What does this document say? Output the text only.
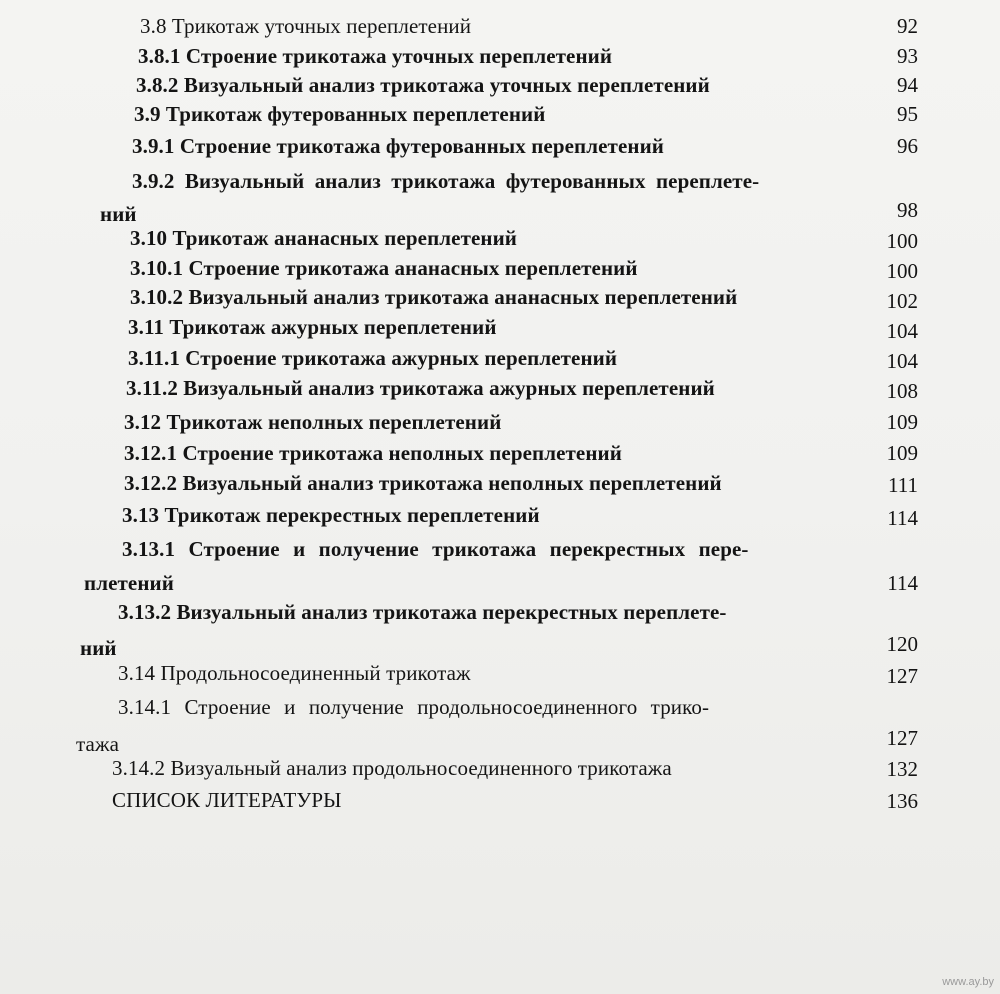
3.8 Трикотаж уточных переплетений	92
3.8.1 Строение трикотажа уточных переплетений	93
3.8.2 Визуальный анализ трикотажа уточных переплетений	94
3.9 Трикотаж футерованных переплетений	95
3.9.1 Строение трикотажа футерованных переплетений	96
3.9.2 Визуальный анализ трикотажа футерованных переплете-
ний	98
3.10 Трикотаж ананасных переплетений	100
3.10.1 Строение трикотажа ананасных переплетений	100
3.10.2 Визуальный анализ трикотажа ананасных переплетений	102
3.11 Трикотаж ажурных переплетений	104
3.11.1 Строение трикотажа ажурных переплетений	104
3.11.2 Визуальный анализ трикотажа ажурных переплетений	108
3.12 Трикотаж неполных переплетений	109
3.12.1 Строение трикотажа неполных переплетений	109
3.12.2 Визуальный анализ трикотажа неполных переплетений	111
3.13 Трикотаж перекрестных переплетений	114
3.13.1 Строение и получение трикотажа перекрестных пере-
плетений	114
3.13.2 Визуальный анализ трикотажа перекрестных переплете-
ний	120
3.14 Продольносоединенный трикотаж	127
3.14.1 Строение и получение продольносоединенного трико-
тажа	127
3.14.2 Визуальный анализ продольносоединенного трикотажа	132
СПИСОК ЛИТЕРАТУРЫ	136
www.ay.by
